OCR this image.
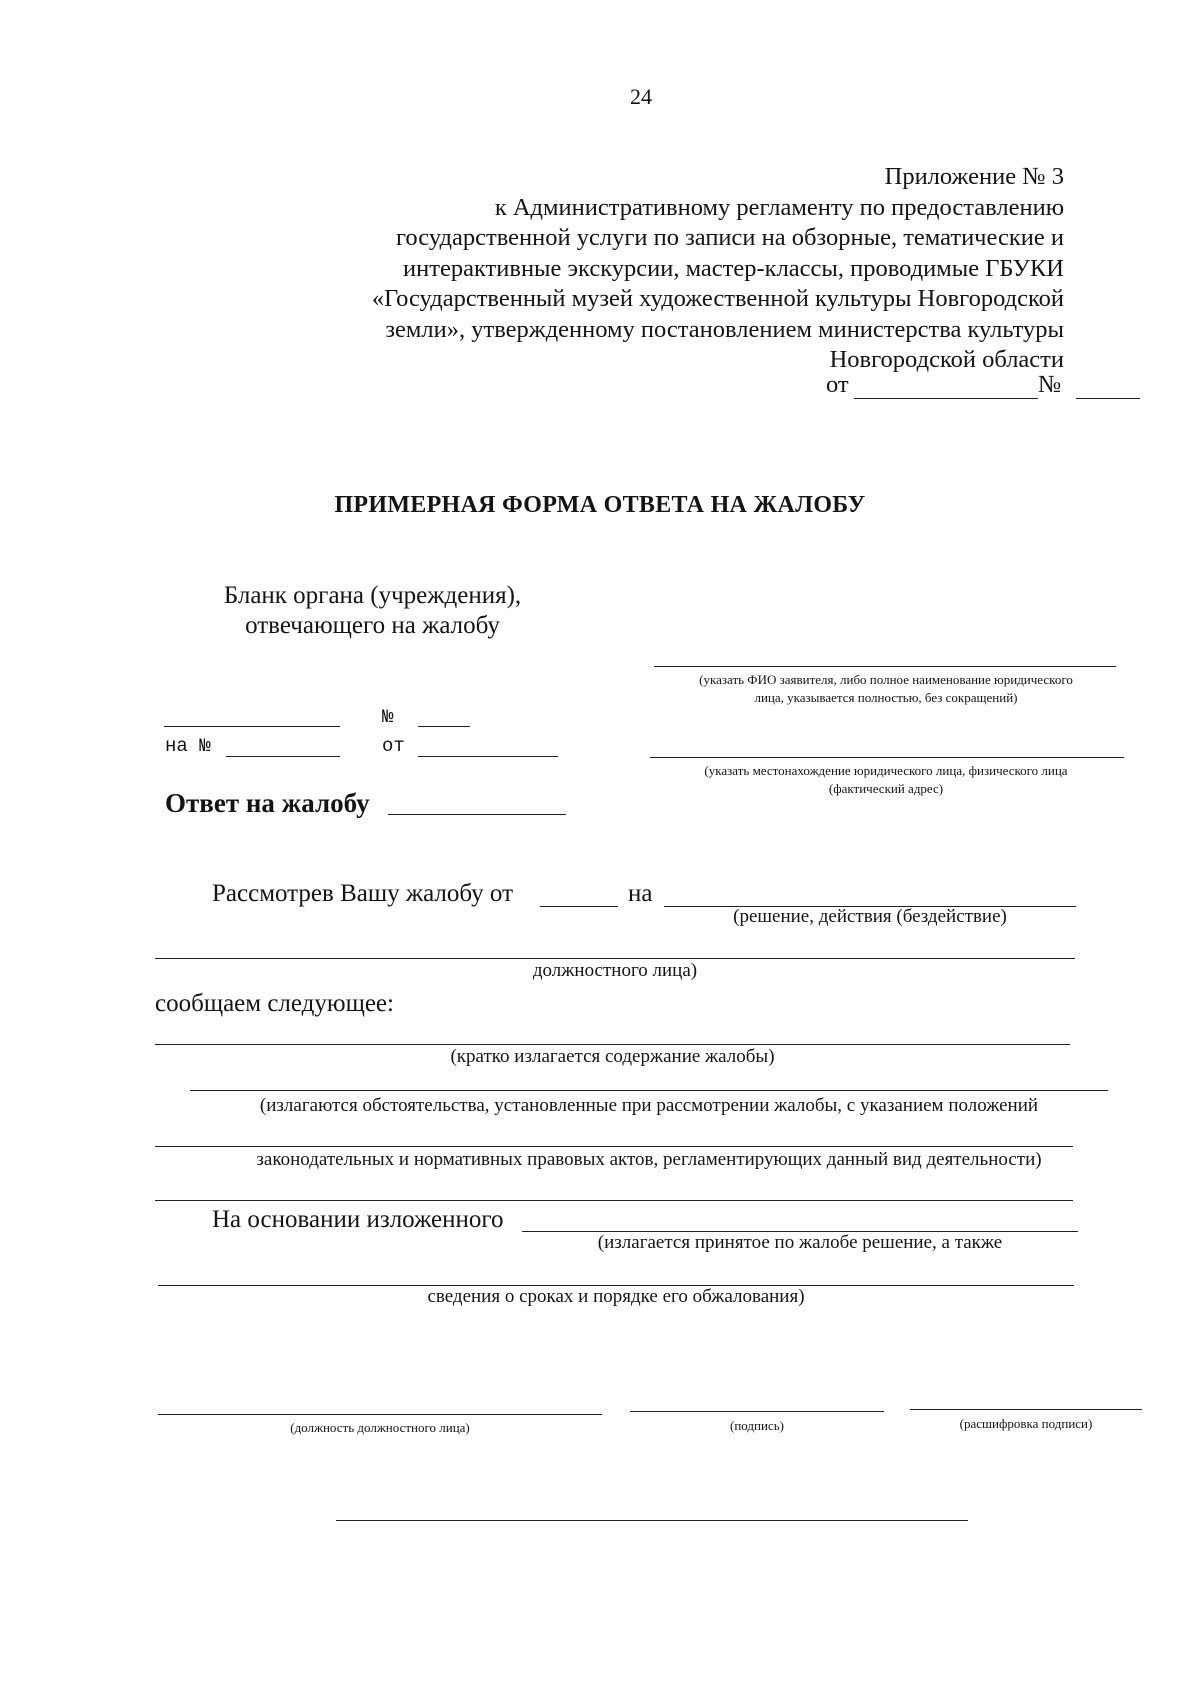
24
Приложение № 3
к Административному регламенту по предоставлению
государственной услуги по записи на обзорные, тематические и
интерактивные экскурсии, мастер-классы, проводимые ГБУКИ
«Государственный музей художественной культуры Новгородской
земли», утвержденному постановлением министерства культуры
Новгородской области
от	№
ПРИМЕРНАЯ ФОРМА ОТВЕТА НА ЖАЛОБУ
Бланк органа (учреждения),
отвечающего на жалобу
(указать ФИО заявителя, либо полное наименование юридического
лица, указывается полностью, без сокращений)
(указать местонахождение юридического лица, физического лица
(фактический адрес)
№
на №	от
Ответ на жалобу
Рассмотрев Вашу жалобу от	на
(решение, действия (бездействие)
должностного лица)
сообщаем следующее:
(кратко излагается содержание жалобы)
(излагаются обстоятельства, установленные при рассмотрении жалобы, с указанием положений
законодательных и нормативных правовых актов, регламентирующих данный вид деятельности)
На основании изложенного
(излагается принятое по жалобе решение, а также
сведения о сроках и порядке его обжалования)
(должность должностного лица)	(подпись)	(расшифровка подписи)
